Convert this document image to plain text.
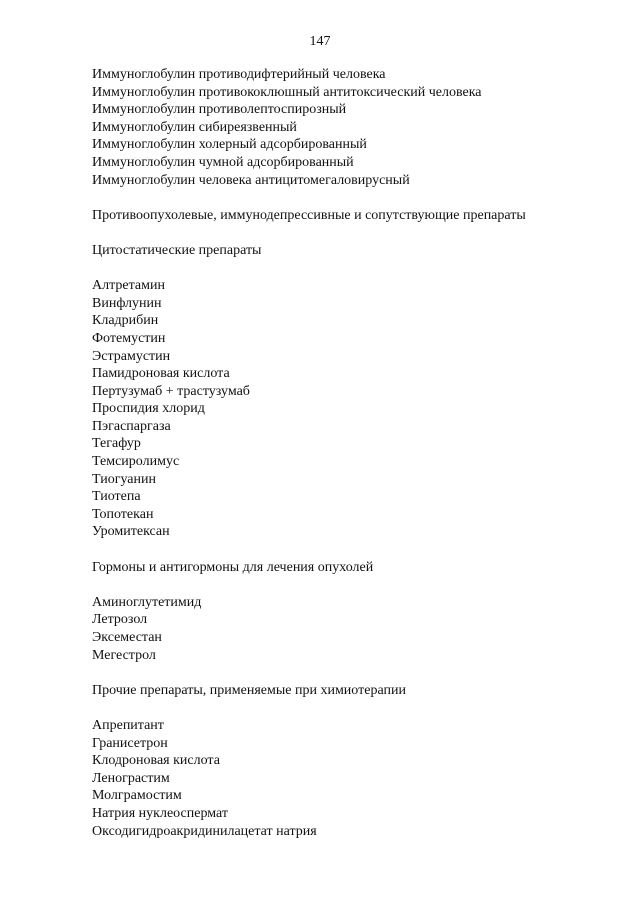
147
Иммуноглобулин противодифтерийный человека
Иммуноглобулин противококлюшный антитоксический человека
Иммуноглобулин противолептоспирозный
Иммуноглобулин сибиреязвенный
Иммуноглобулин холерный адсорбированный
Иммуноглобулин чумной адсорбированный
Иммуноглобулин человека антицитомегаловирусный
Противоопухолевые, иммунодепрессивные и сопутствующие препараты
Цитостатические препараты
Алтретамин
Винфлунин
Кладрибин
Фотемустин
Эстрамустин
Памидроновая кислота
Пертузумаб + трастузумаб
Проспидия хлорид
Пэгаспаргаза
Тегафур
Темсиролимус
Тиогуанин
Тиотепа
Топотекан
Уромитексан
Гормоны и антигормоны для лечения опухолей
Аминоглутетимид
Летрозол
Эксеместан
Мегестрол
Прочие препараты, применяемые при химиотерапии
Апрепитант
Гранисетрон
Клодроновая кислота
Ленограстим
Молграмостим
Натрия нуклеоспермат
Оксодигидроакридинилацетат натрия
